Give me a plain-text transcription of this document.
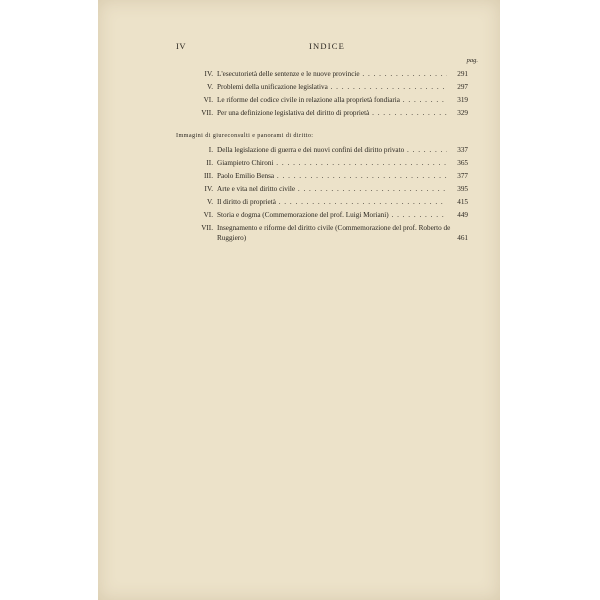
IV	INDICE
pag.
IV. L'esecutorietà delle sentenze e le nuove provincie . . .	291
V. Problemi della unificazione legislativa . . .	297
VI. Le riforme del codice civile in relazione alla proprietà fondiaria . . .	319
VII. Per una definizione legislativa del diritto di proprietà . . .	329
Immagini di giureconsulti e panorami di diritto:
I. Della legislazione di guerra e dei nuovi confini del diritto privato . . .	337
II. Giampietro Chironi . . .	365
III. Paolo Emilio Bensa . . .	377
IV. Arte e vita nel diritto civile . . .	395
V. Il diritto di proprietà . . .	415
VI. Storia e dogma (Commemorazione del prof. Luigi Moriani) . . .	449
VII. Insegnamento e riforme del diritto civile (Commemorazione del prof. Roberto de Ruggiero)	461
